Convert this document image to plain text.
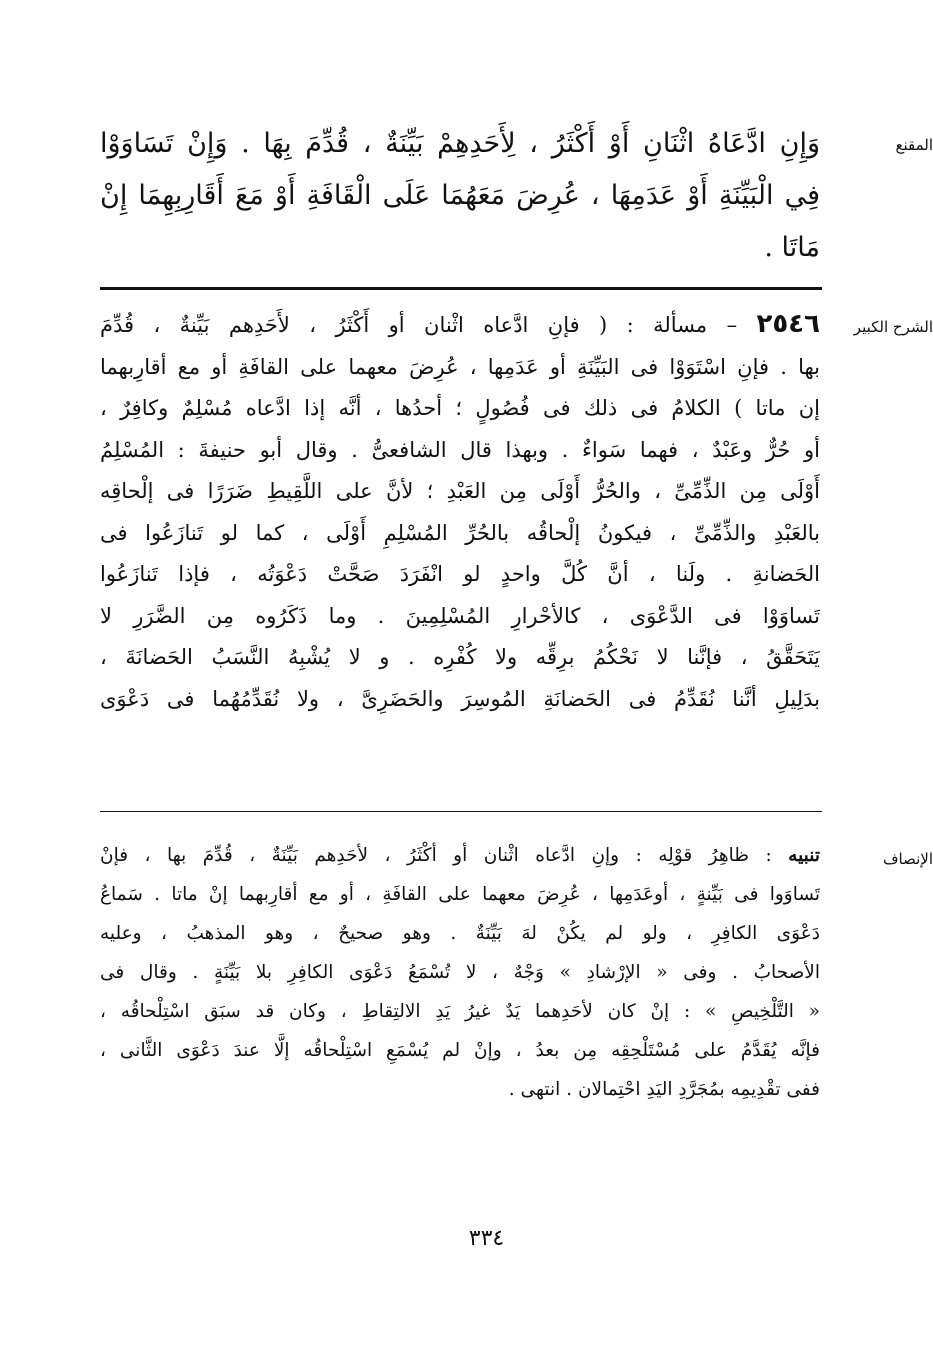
المقنع
وَإِنِ ادَّعَاهُ اثْنَانِ أَوْ أَكْثَرُ ، لِأَحَدِهِمْ بَيِّنَةٌ ، قُدِّمَ بِهَا . وَإِنْ تَسَاوَوْا
فِي الْبَيِّنَةِ أَوْ عَدَمِهَا ، عُرِضَ مَعَهُمَا عَلَى الْقَافَةِ أَوْ مَعَ أَقَارِبِهِمَا إِنْ
مَاتَا .
الشرح الكبير
٢٥٤٦ – مسألة : ( فإنِ ادَّعاه اثْنان أو أَكْثَرُ ، لأَحَدِهم بَيِّنةٌ ، قُدِّمَ
بها . فإنِ اسْتَوَوْا فى البَيِّنَةِ أو عَدَمِها ، عُرِضَ معهما على القافَةِ أو مع أقارِبهما
إن ماتا ) الكلامُ فى ذلك فى فُصُولٍ ؛ أحدُها ، أنَّه إذا ادَّعاه مُسْلِمٌ وكافِرٌ ،
أو حُرٌّ وعَبْدٌ ، فهما سَواءٌ . وبهذا قال الشافعىُّ . وقال أبو حنيفةَ : المُسْلِمُ
أَوْلَى مِن الذِّمِّىِّ ، والحُرُّ أَوْلَى مِن العَبْدِ ؛ لأنَّ على اللَّقِيطِ ضَرَرًا فى إلْحاقِه
بالعَبْدِ والذِّمِّىِّ ، فيكونُ إلْحاقُه بالحُرِّ المُسْلِمِ أَوْلَى ، كما لو تَنازَعُوا فى
الحَضانةِ . ولَنا ، أنَّ كُلَّ واحدٍ لو انْفَرَدَ صَحَّتْ دَعْوَتُه ، فإذا تَنازَعُوا
تَساوَوْا فى الدَّعْوَى ، كالأحْرارِ المُسْلِمِينَ . وما ذَكَرُوه مِن الضَّرَرِ لا
يَتَحَقَّقُ ، فإنَّنا لا نَحْكُمُ برِقِّه ولا كُفْرِه . و لا يُشْبِهُ النَّسَبُ الحَضانَةَ ،
بدَلِيلِ أنَّنا نُقَدِّمُ فى الحَضانَةِ المُوسِرَ والحَضَرِىَّ ، ولا نُقَدِّمُهُما فى دَعْوَى
الإنصاف
تنبيه : ظاهِرُ قوْلِه : وإنِ ادَّعاه اثْنان أو أكْثَرُ ، لأحَدِهم بَيِّنَةٌ ، قُدِّمَ بها ، فإنْ
تَساوَوا فى بَيِّنةٍ ، أوعَدَمِها ، عُرِضَ معهما على القافَةِ ، أو مع أقارِبهما إنْ ماتا . سَماعُ
دَعْوَى الكافِرِ ، ولو لم يكُنْ لهَ بَيِّنَةٌ . وهو صحيحٌ ، وهو المذهبُ ، وعليه
الأصحابُ . وفى « الإرْشادِ » وَجْهٌ ، لا تُسْمَعُ دَعْوَى الكافِرِ بلا بَيِّنَةٍ . وقال فى
« التَّلْخِيصِ » : إنْ كان لأحَدِهما يَدٌ غيرُ يَدِ الالتِقاطِ ، وكان قد سبَق اسْتِلْحاقُه ،
فإنَّه يُقَدَّمُ على مُسْتَلْحِقِه مِن بعدُ ، وإنْ لم يُسْمَعِ اسْتِلْحاقُه إلَّا عندَ دَعْوَى الثَّانى ،
ففى تقْدِيمِه بمُجَرَّدِ اليَدِ احْتِمالان . انتهى .
٣٣٤
